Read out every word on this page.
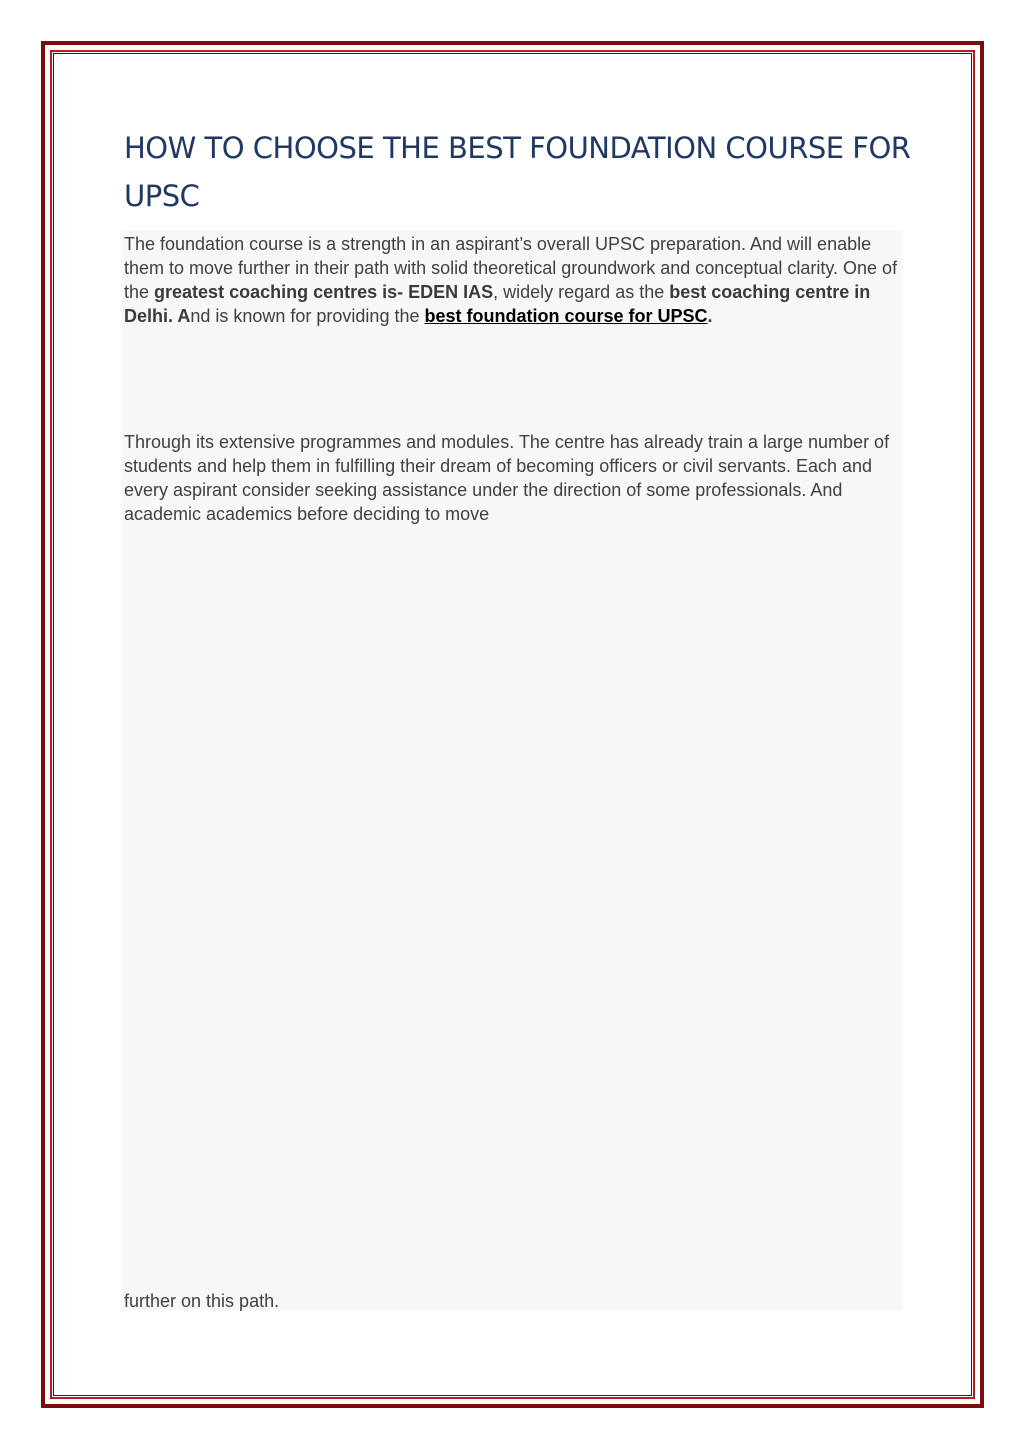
HOW TO CHOOSE THE BEST FOUNDATION COURSE FOR UPSC

The foundation course is a strength in an aspirant’s overall UPSC preparation. And will enable them to move further in their path with solid theoretical groundwork and conceptual clarity. One of the greatest coaching centres is- EDEN IAS, widely regard as the best coaching centre in Delhi. And is known for providing the best foundation course for UPSC.

Through its extensive programmes and modules. The centre has already train a large number of students and help them in fulfilling their dream of becoming officers or civil servants. Each and every aspirant consider seeking assistance under the direction of some professionals. And academic academics before deciding to move

further on this path.
